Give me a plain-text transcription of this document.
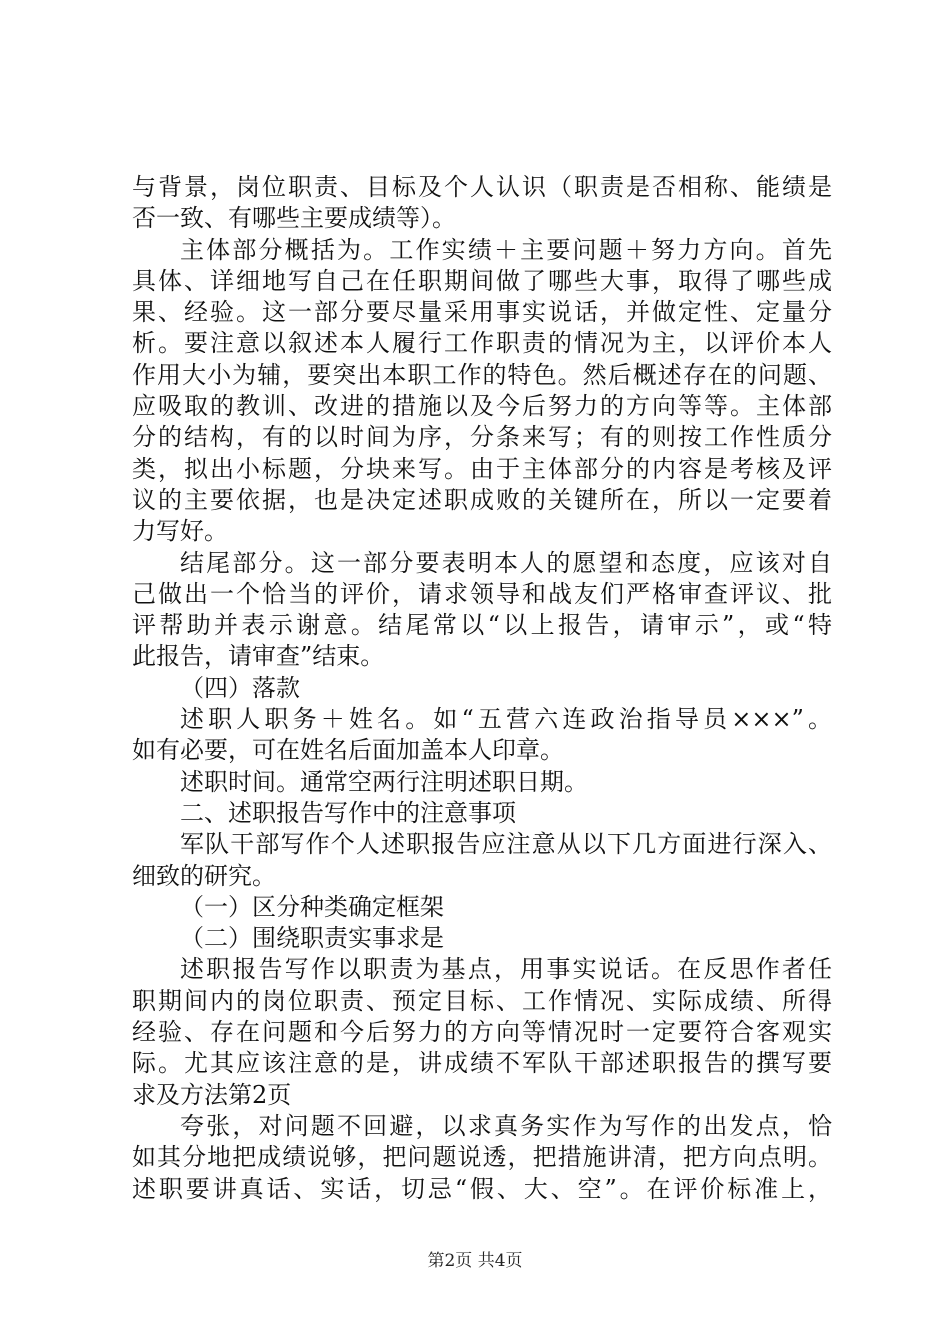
与背景，岗位职责、目标及个人认识（职责是否相称、能绩是
否一致、有哪些主要成绩等）。
主体部分概括为。工作实绩＋主要问题＋努力方向。首先
具体、详细地写自己在任职期间做了哪些大事，取得了哪些成
果、经验。这一部分要尽量采用事实说话，并做定性、定量分
析。要注意以叙述本人履行工作职责的情况为主，以评价本人
作用大小为辅，要突出本职工作的特色。然后概述存在的问题、
应吸取的教训、改进的措施以及今后努力的方向等等。主体部
分的结构，有的以时间为序，分条来写；有的则按工作性质分
类，拟出小标题，分块来写。由于主体部分的内容是考核及评
议的主要依据，也是决定述职成败的关键所在，所以一定要着
力写好。
结尾部分。这一部分要表明本人的愿望和态度，应该对自
己做出一个恰当的评价，请求领导和战友们严格审查评议、批
评帮助并表示谢意。结尾常以“以上报告，请审示”，或“特
此报告，请审查”结束。
（四）落款
述职人职务＋姓名。如“五营六连政治指导员×××”。
如有必要，可在姓名后面加盖本人印章。
述职时间。通常空两行注明述职日期。
二、述职报告写作中的注意事项
军队干部写作个人述职报告应注意从以下几方面进行深入、
细致的研究。
（一）区分种类确定框架
（二）围绕职责实事求是
述职报告写作以职责为基点，用事实说话。在反思作者任
职期间内的岗位职责、预定目标、工作情况、实际成绩、所得
经验、存在问题和今后努力的方向等情况时一定要符合客观实
际。尤其应该注意的是，讲成绩不军队干部述职报告的撰写要
求及方法第2页
夸张，对问题不回避，以求真务实作为写作的出发点，恰
如其分地把成绩说够，把问题说透，把措施讲清，把方向点明。
述职要讲真话、实话，切忌“假、大、空”。在评价标准上，
第2页 共4页
